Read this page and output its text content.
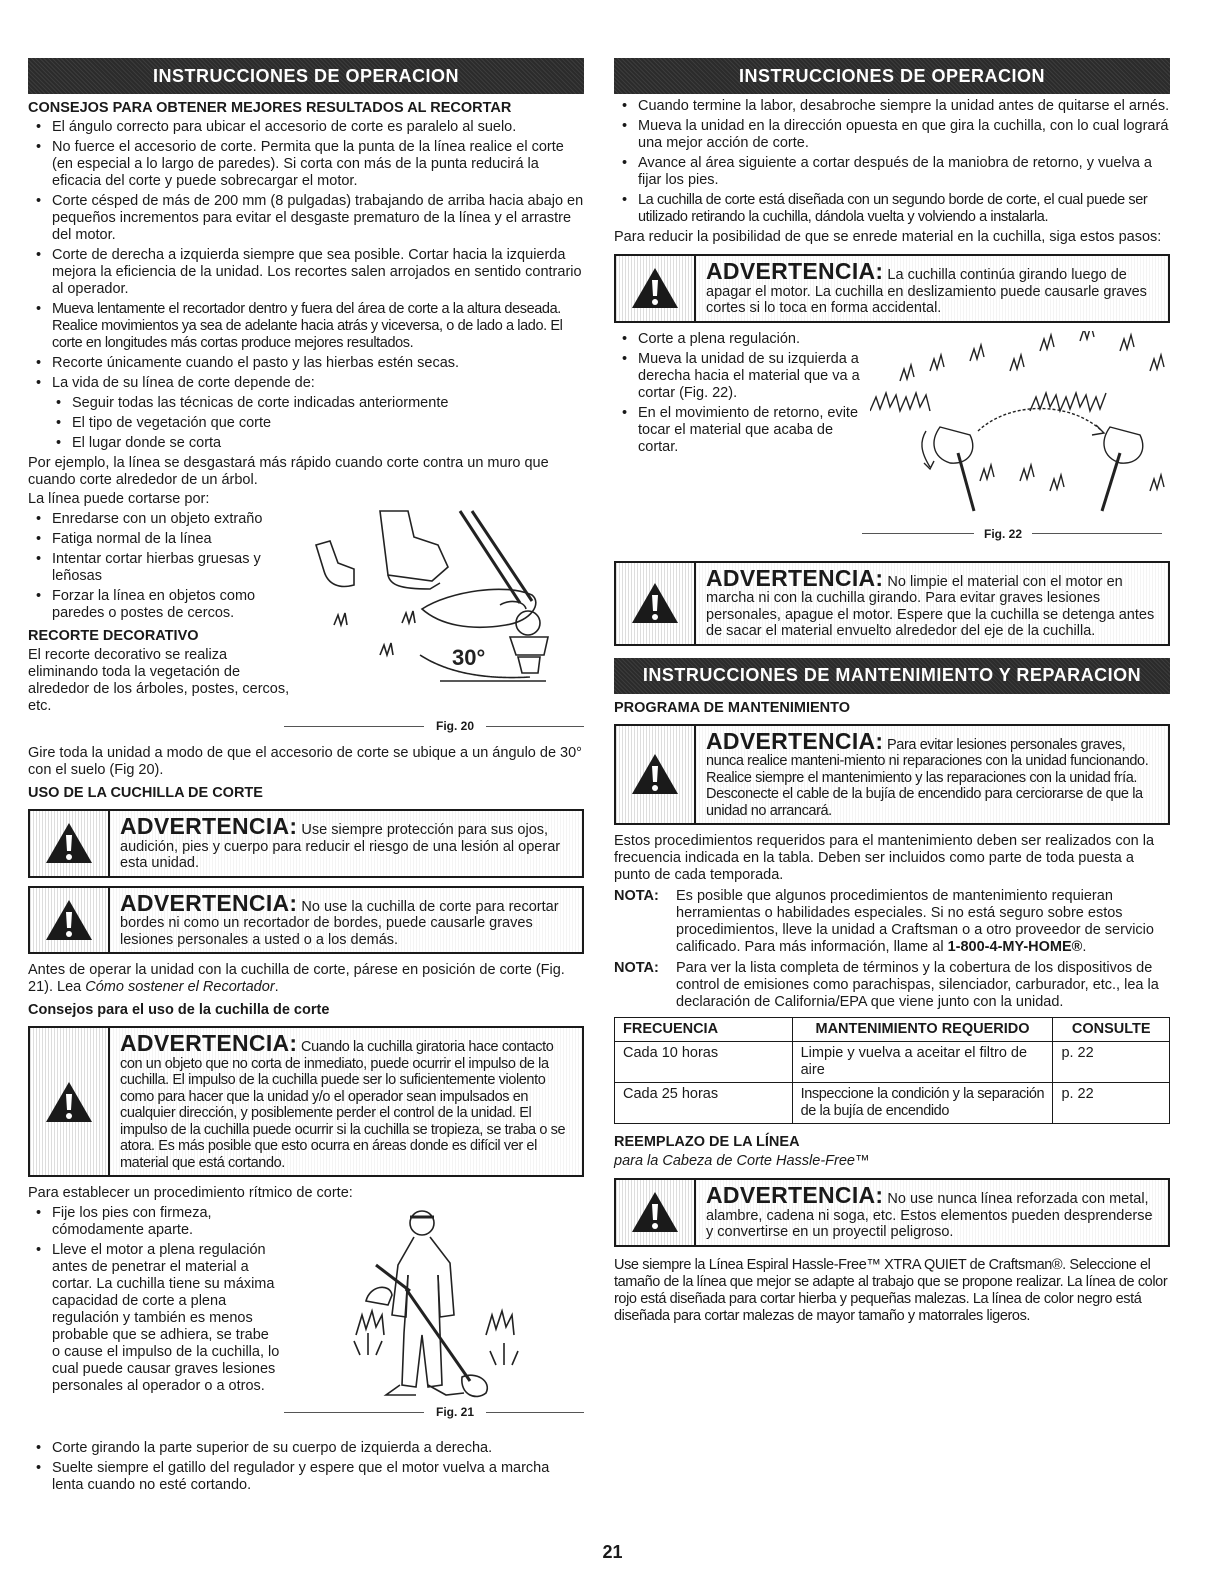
INSTRUCCIONES DE OPERACION
CONSEJOS PARA OBTENER MEJORES RESULTADOS AL RECORTAR
• El ángulo correcto para ubicar el accesorio de corte es paralelo al suelo.
• No fuerce el accesorio de corte. Permita que la punta de la línea realice el corte (en especial a lo largo de paredes). Si corta con más de la punta reducirá la eficacia del corte y puede sobrecargar el motor.
• Corte césped de más de 200 mm (8 pulgadas) trabajando de arriba hacia abajo en pequeños incrementos para evitar el desgaste prematuro de la línea y el arrastre del motor.
• Corte de derecha a izquierda siempre que sea posible. Cortar hacia la izquierda mejora la eficiencia de la unidad. Los recortes salen arrojados en sentido contrario al operador.
• Mueva lentamente el recortador dentro y fuera del área de corte a la altura deseada. Realice movimientos ya sea de adelante hacia atrás y viceversa, o de lado a lado. El corte en longitudes más cortas produce mejores resultados.
• Recorte únicamente cuando el pasto y las hierbas estén secas.
• La vida de su línea de corte depende de:
• Seguir todas las técnicas de corte indicadas anteriormente
• El tipo de vegetación que corte
• El lugar donde se corta

Por ejemplo, la línea se desgastará más rápido cuando corte contra un muro que cuando corte alrededor de un árbol.

La línea puede cortarse por:

• Enredarse con un objeto extraño
• Fatiga normal de la línea
• Intentar cortar hierbas gruesas y leñosas
• Forzar la línea en objetos como paredes o postes de cercos.
RECORTE DECORATIVO

El recorte decorativo se realiza eliminando toda la vegetación de alrededor de los árboles, postes, cercos, etc.

30°
Fig. 20

Gire toda la unidad a modo de que el accesorio de corte se ubique a un ángulo de 30° con el suelo (Fig 20).

USO DE LA CUCHILLA DE CORTE
ADVERTENCIA: Use siempre protección para sus ojos, audición, pies y cuerpo para reducir el riesgo de una lesión al operar esta unidad.
ADVERTENCIA: No use la cuchilla de corte para recortar bordes ni como un recortador de bordes, puede causarle graves lesiones personales a usted o a los demás.

Antes de operar la unidad con la cuchilla de corte, párese en posición de corte (Fig. 21). Lea Cómo sostener el Recortador.

Consejos para el uso de la cuchilla de corte
ADVERTENCIA: Cuando la cuchilla giratoria hace contacto con un objeto que no corta de inmediato, puede ocurrir el impulso de la cuchilla. El impulso de la cuchilla puede ser lo suficientemente violento como para hacer que la unidad y/o el operador sean impulsados en cualquier dirección, y posiblemente perder el control de la unidad. El impulso de la cuchilla puede ocurrir si la cuchilla se tropieza, se traba o se atora. Es más posible que esto ocurra en áreas donde es difícil ver el material que está cortando.

Para establecer un procedimiento rítmico de corte:

• Fije los pies con firmeza, cómodamente aparte.
• Lleve el motor a plena regulación antes de penetrar el material a cortar. La cuchilla tiene su máxima capacidad de corte a plena regulación y también es menos probable que se adhiera, se trabe o cause el impulso de la cuchilla, lo cual puede causar graves lesiones personales al operador o a otros.
Fig. 21
• Corte girando la parte superior de su cuerpo de izquierda a derecha.
• Suelte siempre el gatillo del regulador y espere que el motor vuelva a marcha lenta cuando no esté cortando.
INSTRUCCIONES DE OPERACION
• Cuando termine la labor, desabroche siempre la unidad antes de quitarse el arnés.
• Mueva la unidad en la dirección opuesta en que gira la cuchilla, con lo cual logrará una mejor acción de corte.
• Avance al área siguiente a cortar después de la maniobra de retorno, y vuelva a fijar los pies.
• La cuchilla de corte está diseñada con un segundo borde de corte, el cual puede ser utilizado retirando la cuchilla, dándola vuelta y volviendo a instalarla.

Para reducir la posibilidad de que se enrede material en la cuchilla, siga estos pasos:

ADVERTENCIA: La cuchilla continúa girando luego de apagar el motor. La cuchilla en deslizamiento puede causarle graves cortes si lo toca en forma accidental.
• Corte a plena regulación.
• Mueva la unidad de su izquierda a derecha hacia el material que va a cortar (Fig. 22).
• En el movimiento de retorno, evite tocar el material que acaba de cortar.
Fig. 22
ADVERTENCIA: No limpie el material con el motor en marcha ni con la cuchilla girando. Para evitar graves lesiones personales, apague el motor. Espere que la cuchilla se detenga antes de sacar el material envuelto alrededor del eje de la cuchilla.
INSTRUCCIONES DE MANTENIMIENTO Y REPARACION
PROGRAMA DE MANTENIMIENTO
ADVERTENCIA: Para evitar lesiones personales graves, nunca realice manteni-miento ni reparaciones con la unidad funcionando. Realice siempre el mantenimiento y las reparaciones con la unidad fría. Desconecte el cable de la bujía de encendido para cerciorarse de que la unidad no arrancará.

Estos procedimientos requeridos para el mantenimiento deben ser realizados con la frecuencia indicada en la tabla. Deben ser incluidos como parte de toda puesta a punto de cada temporada.

NOTA:	Es posible que algunos procedimientos de mantenimiento requieran herramientas o habilidades especiales. Si no está seguro sobre estos procedimientos, lleve la unidad a Craftsman o a otro proveedor de servicio calificado. Para más información, llame al 1-800-4-MY-HOME®.
NOTA:	Para ver la lista completa de términos y la cobertura de los dispositivos de control de emisiones como parachispas, silenciador, carburador, etc., lea la declaración de California/EPA que viene junto con la unidad.
FRECUENCIA	MANTENIMIENTO REQUERIDO	CONSULTE
Cada 10 horas	Limpie y vuelva a aceitar el filtro de aire	p. 22
Cada 25 horas	Inspeccione la condición y la separación de la bujía de encendido	p. 22
REEMPLAZO DE LA LÍNEA

para la Cabeza de Corte Hassle-Free™

ADVERTENCIA: No use nunca línea reforzada con metal, alambre, cadena ni soga, etc. Estos elementos pueden desprenderse y convertirse en un proyectil peligroso.

Use siempre la Línea Espiral Hassle-Free™ XTRA QUIET de Craftsman®. Seleccione el tamaño de la línea que mejor se adapte al trabajo que se propone realizar. La línea de color rojo está diseñada para cortar hierba y pequeñas malezas. La línea de color negro está diseñada para cortar malezas de mayor tamaño y matorrales ligeros.

21
